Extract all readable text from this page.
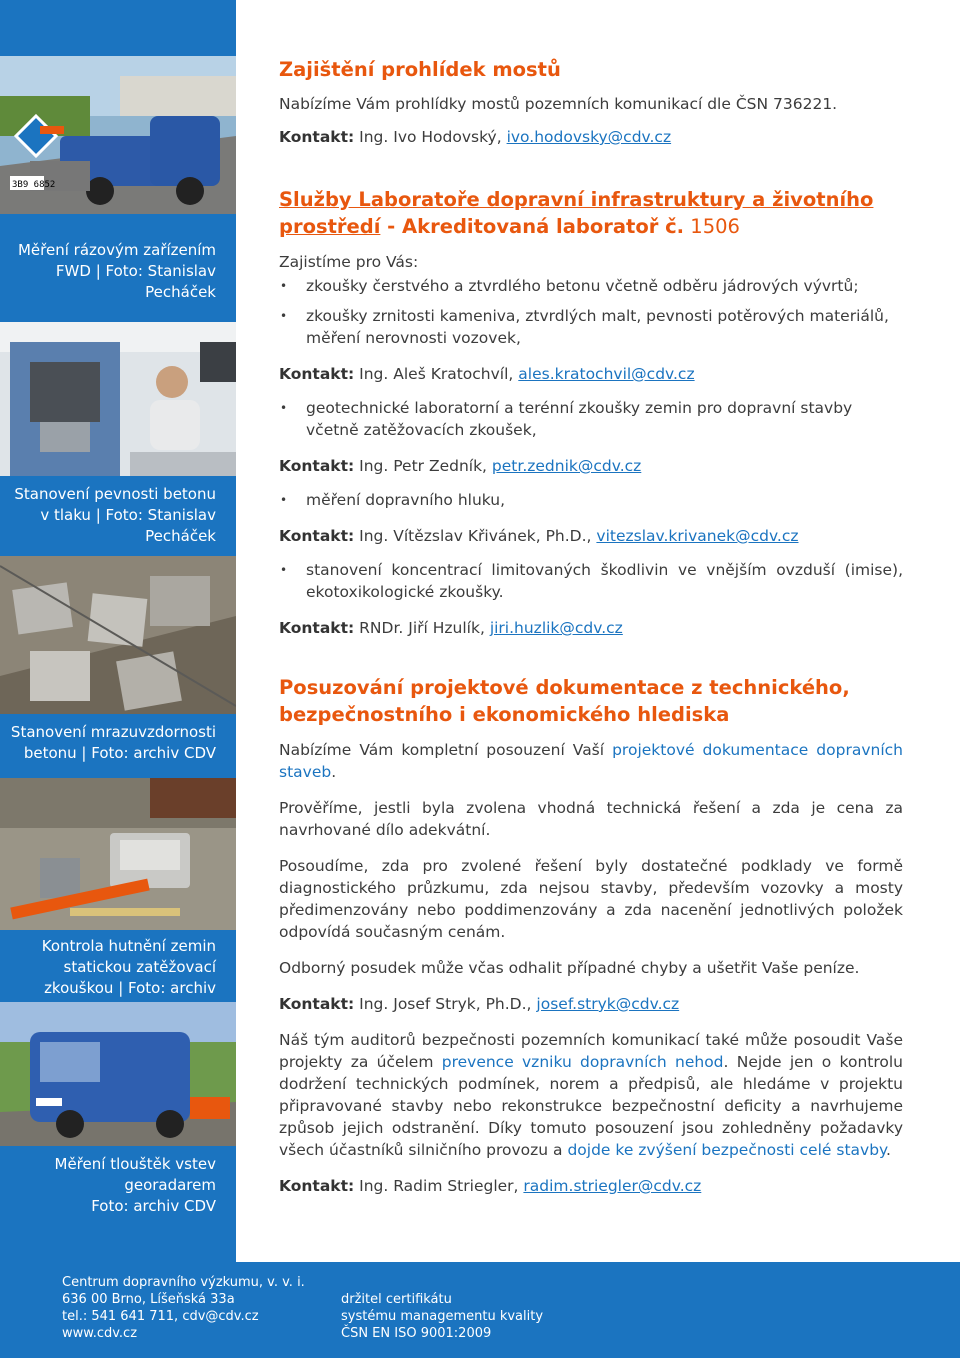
3B9 6852
Měření rázovým zařízením
FWD | Foto: Stanislav
Pecháček
Stanovení pevnosti betonu
v tlaku | Foto: Stanislav
Pecháček
Stanovení mrazuvzdornosti
betonu | Foto: archiv CDV
Kontrola hutnění zemin
statickou zatěžovací
zkouškou | Foto: archiv
Měření tlouštěk vstev
georadarem
Foto: archiv CDV
Zajištění prohlídek mostů

Nabízíme Vám prohlídky mostů pozemních komunikací dle ČSN 736221.

Kontakt: Ing. Ivo Hodovský, ivo.hodovsky@cdv.cz

Služby Laboratoře dopravní infrastruktury a životního
prostředí - Akreditovaná laboratoř č. 1506

Zajistíme pro Vás:

• zkoušky čerstvého a ztvrdlého betonu včetně odběru jádrových vývrtů;
• zkoušky zrnitosti kameniva, ztvrdlých malt, pevnosti potěrových materiálů, měření nerovnosti vozovek,

Kontakt: Ing. Aleš Kratochvíl, ales.kratochvil@cdv.cz

• geotechnické laboratorní a terénní zkoušky zemin pro dopravní stavby včetně zatěžovacích zkoušek,

Kontakt: Ing. Petr Zedník, petr.zednik@cdv.cz

• měření dopravního hluku,

Kontakt: Ing. Vítězslav Křivánek, Ph.D., vitezslav.krivanek@cdv.cz

• stanovení koncentrací limitovaných škodlivin ve vnějším ovzduší (imise), ekotoxikologické zkoušky.

Kontakt: RNDr. Jiří Hzulík, jiri.huzlik@cdv.cz

Posuzování projektové dokumentace z technického,
bezpečnostního i ekonomického hlediska

Nabízíme Vám kompletní posouzení Vaší projektové dokumentace dopravních staveb.

Prověříme, jestli byla zvolena vhodná technická řešení a zda je cena za navrhované dílo adekvátní.

Posoudíme, zda pro zvolené řešení byly dostatečné podklady ve formě diagnostického průzkumu, zda nejsou stavby, především vozovky a mosty předimenzovány nebo poddimenzovány a zda nacenění jednotlivých položek odpovídá současným cenám.

Odborný posudek může včas odhalit případné chyby a ušetřit Vaše peníze.

Kontakt: Ing. Josef Stryk, Ph.D., josef.stryk@cdv.cz

Náš tým auditorů bezpečnosti pozemních komunikací také může posoudit Vaše projekty za účelem prevence vzniku dopravních nehod. Nejde jen o kontrolu dodržení technických podmínek, norem a předpisů, ale hledáme v projektu připravované stavby nebo rekonstrukce bezpečnostní deficity a navrhujeme způsob jejich odstranění. Díky tomuto posouzení jsou zohledněny požadavky všech účastníků silničního provozu a dojde ke zvýšení bezpečnosti celé stavby.

Kontakt: Ing. Radim Striegler, radim.striegler@cdv.cz

Centrum dopravního výzkumu, v. v. i.
636 00 Brno, Líšeňská 33a
tel.: 541 641 711, cdv@cdv.cz
www.cdv.cz
držitel certifikátu
systému managementu kvality
ČSN EN ISO 9001:2009
